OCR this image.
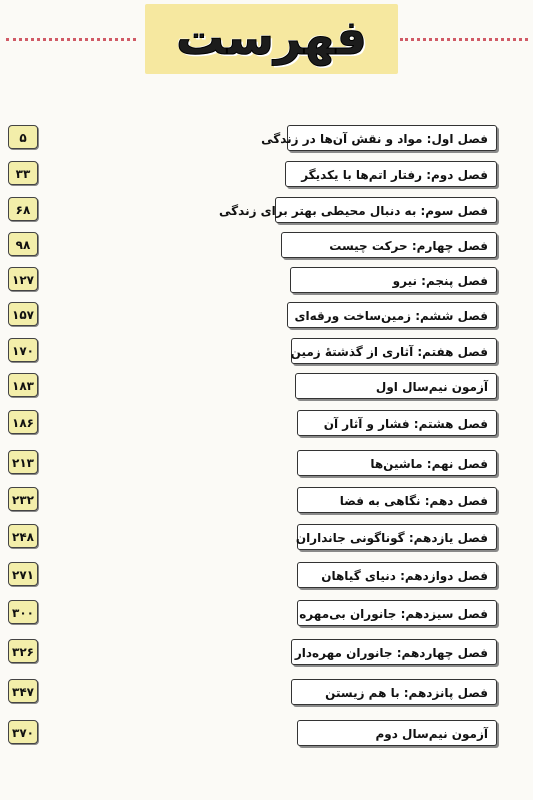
فهرست
فصل اول: مواد و نقش آن‌ها در زندگی
۵
فصل دوم: رفتار اتم‌ها با یکدیگر
۳۳
فصل سوم: به دنبال محیطی بهتر برای زندگی
۶۸
فصل چهارم: حرکت چیست
۹۸
فصل پنجم: نیرو
۱۲۷
فصل ششم: زمین‌ساخت ورقه‌ای
۱۵۷
فصل هفتم: آثاری از گذشتهٔ زمین
۱۷۰
آزمون نیم‌سال اول
۱۸۳
فصل هشتم: فشار و آثار آن
۱۸۶
فصل نهم: ماشین‌ها
۲۱۳
فصل دهم: نگاهی به فضا
۲۳۲
فصل یازدهم: گوناگونی جانداران
۲۴۸
فصل دوازدهم: دنیای گیاهان
۲۷۱
فصل سیزدهم: جانوران بی‌مهره
۳۰۰
فصل چهاردهم: جانوران مهره‌دار
۳۲۶
فصل پانزدهم: با هم زیستن
۳۴۷
آزمون نیم‌سال دوم
۳۷۰
